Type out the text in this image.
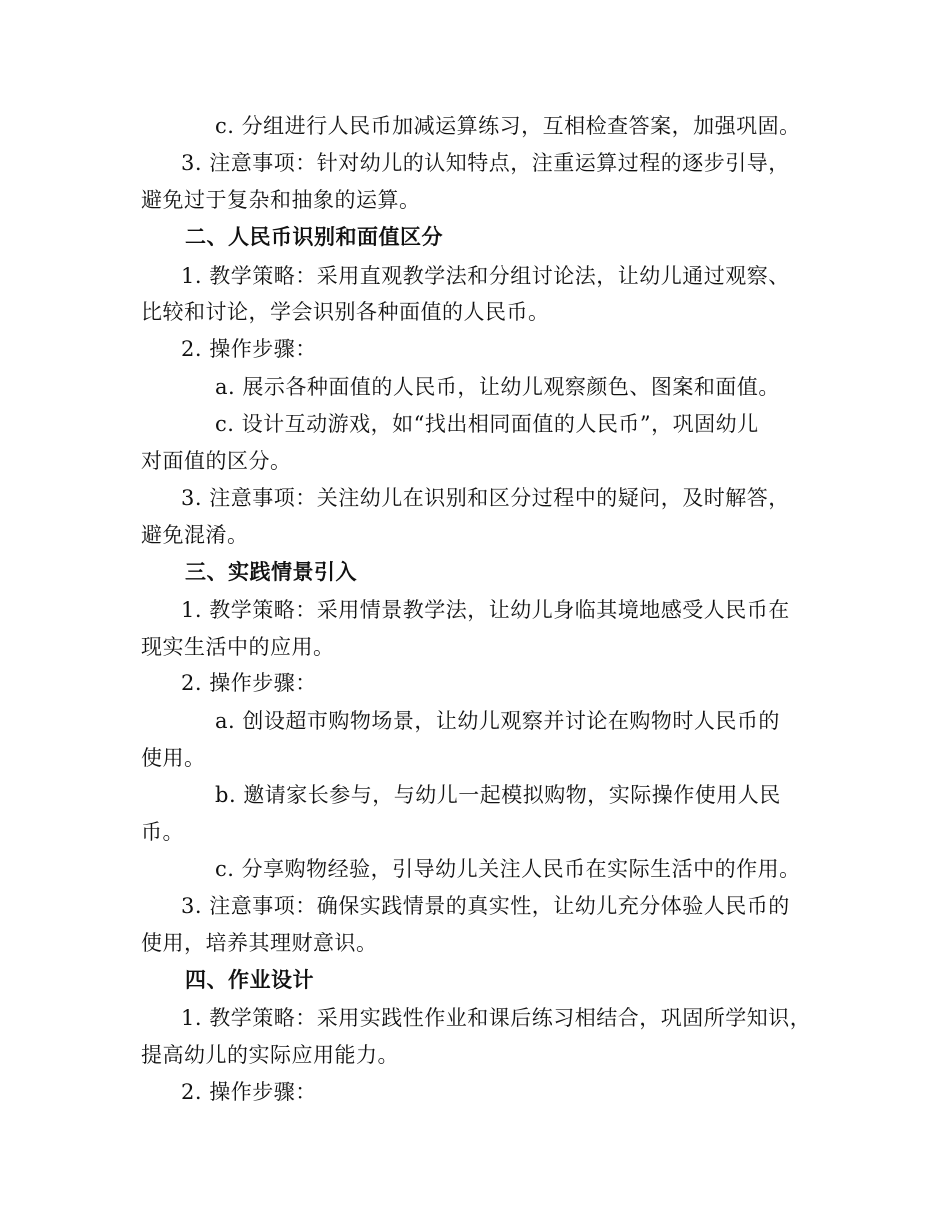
c. 分组进行人民币加减运算练习，互相检查答案，加强巩固。
3. 注意事项：针对幼儿的认知特点，注重运算过程的逐步引导，
避免过于复杂和抽象的运算。
二、人民币识别和面值区分
1. 教学策略：采用直观教学法和分组讨论法，让幼儿通过观察、
比较和讨论，学会识别各种面值的人民币。
2. 操作步骤：
a. 展示各种面值的人民币，让幼儿观察颜色、图案和面值。
c. 设计互动游戏，如“找出相同面值的人民币”，巩固幼儿
对面值的区分。
3. 注意事项：关注幼儿在识别和区分过程中的疑问，及时解答，
避免混淆。
三、实践情景引入
1. 教学策略：采用情景教学法，让幼儿身临其境地感受人民币在
现实生活中的应用。
2. 操作步骤：
a. 创设超市购物场景，让幼儿观察并讨论在购物时人民币的
使用。
b. 邀请家长参与，与幼儿一起模拟购物，实际操作使用人民
币。
c. 分享购物经验，引导幼儿关注人民币在实际生活中的作用。
3. 注意事项：确保实践情景的真实性，让幼儿充分体验人民币的
使用，培养其理财意识。
四、作业设计
1. 教学策略：采用实践性作业和课后练习相结合，巩固所学知识，
提高幼儿的实际应用能力。
2. 操作步骤：
